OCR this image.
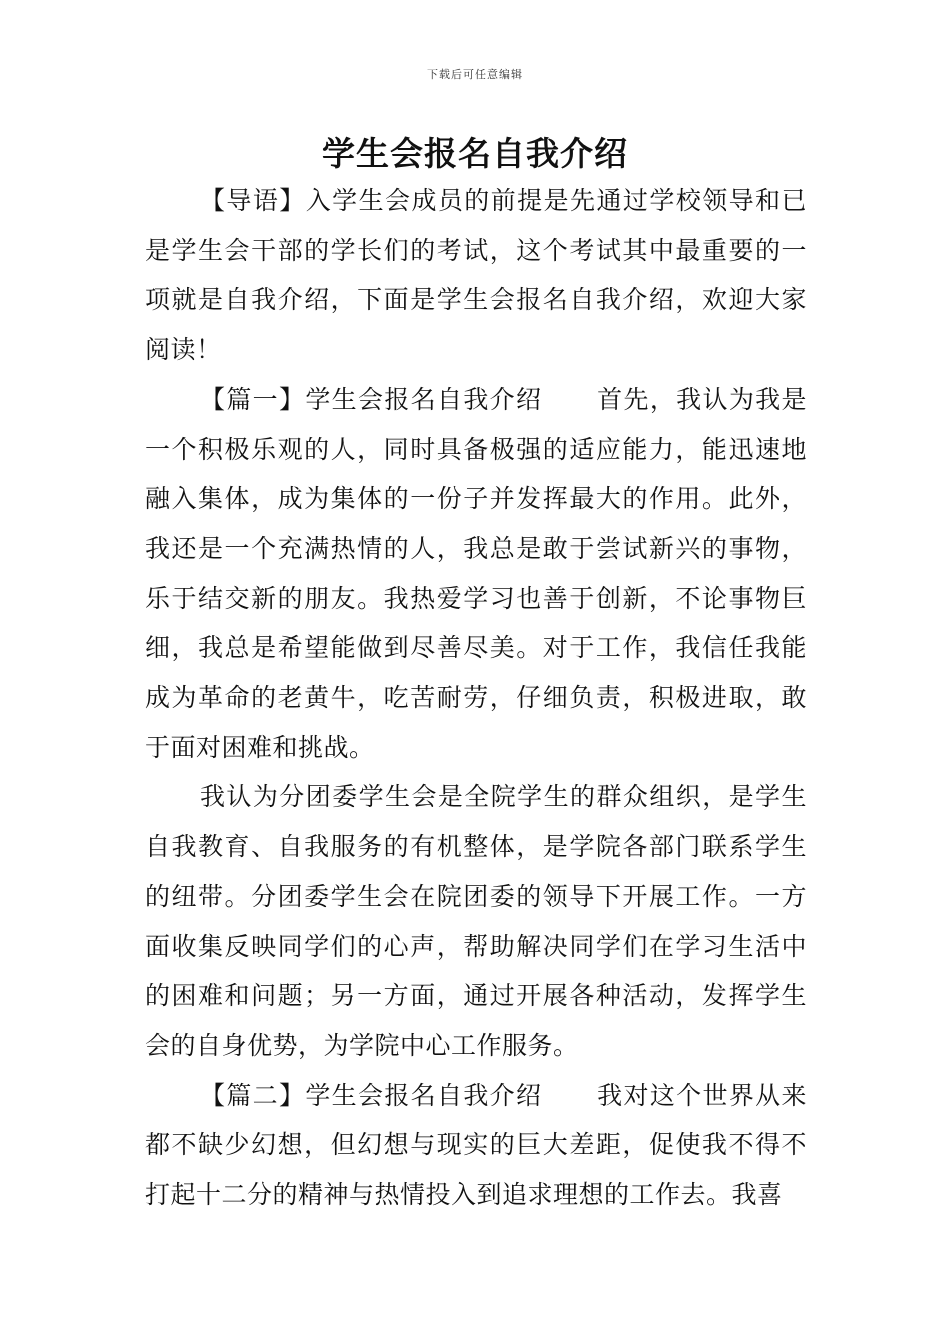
下载后可任意编辑
学生会报名自我介绍

【导语】入学生会成员的前提是先通过学校领导和已是学生会干部的学长们的考试，这个考试其中最重要的一项就是自我介绍，下面是学生会报名自我介绍，欢迎大家阅读！

【篇一】学生会报名自我介绍 首先，我认为我是一个积极乐观的人，同时具备极强的适应能力，能迅速地融入集体，成为集体的一份子并发挥最大的作用。此外，我还是一个充满热情的人，我总是敢于尝试新兴的事物，乐于结交新的朋友。我热爱学习也善于创新，不论事物巨细，我总是希望能做到尽善尽美。对于工作，我信任我能成为革命的老黄牛，吃苦耐劳，仔细负责，积极进取，敢于面对困难和挑战。

我认为分团委学生会是全院学生的群众组织，是学生自我教育、自我服务的有机整体，是学院各部门联系学生的纽带。分团委学生会在院团委的领导下开展工作。一方面收集反映同学们的心声，帮助解决同学们在学习生活中的困难和问题；另一方面，通过开展各种活动，发挥学生会的自身优势，为学院中心工作服务。

【篇二】学生会报名自我介绍 我对这个世界从来都不缺少幻想，但幻想与现实的巨大差距，促使我不得不打起十二分的精神与热情投入到追求理想的工作去。我喜
